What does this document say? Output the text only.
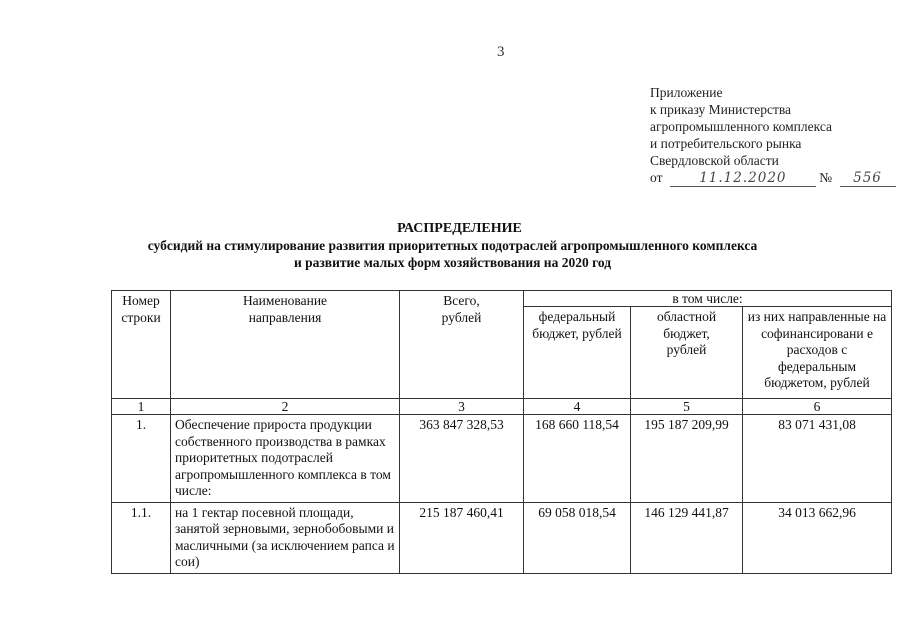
3
Приложение
к приказу Министерства
агропромышленного комплекса
и потребительского рынка
Свердловской области
от	11.12.2020 № 556
РАСПРЕДЕЛЕНИЕ
субсидий на стимулирование развития приоритетных подотраслей агропромышленного комплекса
и развитие малых форм хозяйствования на 2020 год
Номер строки	Наименование направления	Всего, рублей	в том числе:		
			федеральный бюджет, рублей	областной бюджет, рублей	из них направленные на софинансировани е расходов с федеральным бюджетом, рублей
1	2	3	4	5	6
1.	Обеспечение прироста продукции собственного производства в рамках приоритетных подотраслей агропромышленного комплекса в том числе:	363 847 328,53	168 660 118,54	195 187 209,99	83 071 431,08
1.1.	на 1 гектар посевной площади, занятой зерновыми, зернобобовыми и масличными (за исключением рапса и сои)	215 187 460,41	69 058 018,54	146 129 441,87	34 013 662,96
